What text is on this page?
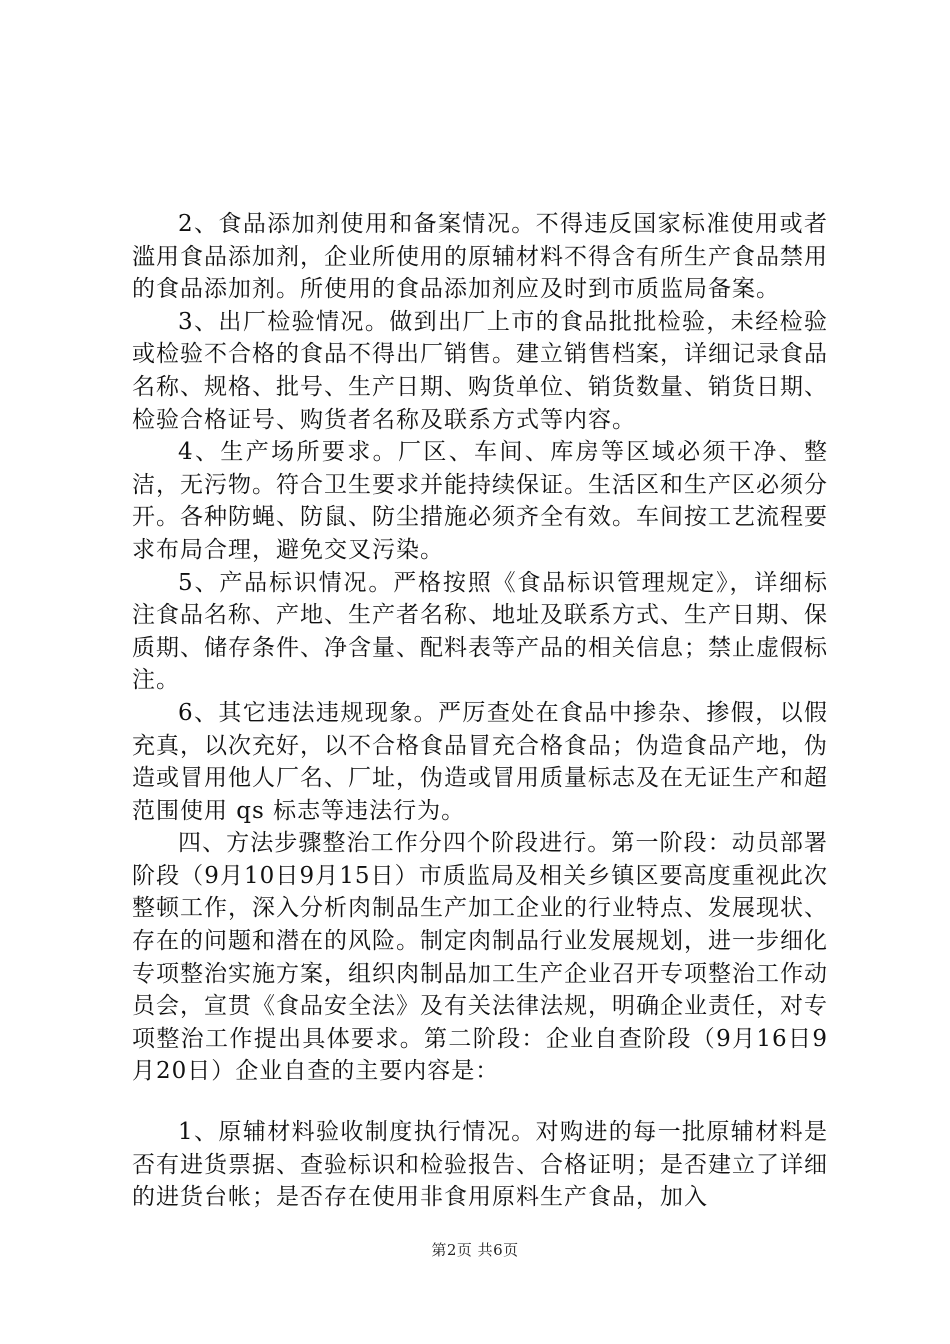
2、食品添加剂使用和备案情况。不得违反国家标准使用或者滥用食品添加剂，企业所使用的原辅材料不得含有所生产食品禁用的食品添加剂。所使用的食品添加剂应及时到市质监局备案。

3、出厂检验情况。做到出厂上市的食品批批检验，未经检验或检验不合格的食品不得出厂销售。建立销售档案，详细记录食品名称、规格、批号、生产日期、购货单位、销货数量、销货日期、检验合格证号、购货者名称及联系方式等内容。

4、生产场所要求。厂区、车间、库房等区域必须干净、整洁，无污物。符合卫生要求并能持续保证。生活区和生产区必须分开。各种防蝇、防鼠、防尘措施必须齐全有效。车间按工艺流程要求布局合理，避免交叉污染。

5、产品标识情况。严格按照《食品标识管理规定》，详细标注食品名称、产地、生产者名称、地址及联系方式、生产日期、保质期、储存条件、净含量、配料表等产品的相关信息；禁止虚假标注。

6、其它违法违规现象。严厉查处在食品中掺杂、掺假，以假充真，以次充好，以不合格食品冒充合格食品；伪造食品产地，伪造或冒用他人厂名、厂址，伪造或冒用质量标志及在无证生产和超范围使用 qs 标志等违法行为。

四、方法步骤整治工作分四个阶段进行。第一阶段：动员部署阶段（9月10日9月15日）市质监局及相关乡镇区要高度重视此次整顿工作，深入分析肉制品生产加工企业的行业特点、发展现状、存在的问题和潜在的风险。制定肉制品行业发展规划，进一步细化专项整治实施方案，组织肉制品加工生产企业召开专项整治工作动员会，宣贯《食品安全法》及有关法律法规，明确企业责任，对专项整治工作提出具体要求。第二阶段：企业自查阶段（9月16日9月20日）企业自查的主要内容是：

1、原辅材料验收制度执行情况。对购进的每一批原辅材料是否有进货票据、查验标识和检验报告、合格证明；是否建立了详细的进货台帐；是否存在使用非食用原料生产食品，加入

第2页 共6页
